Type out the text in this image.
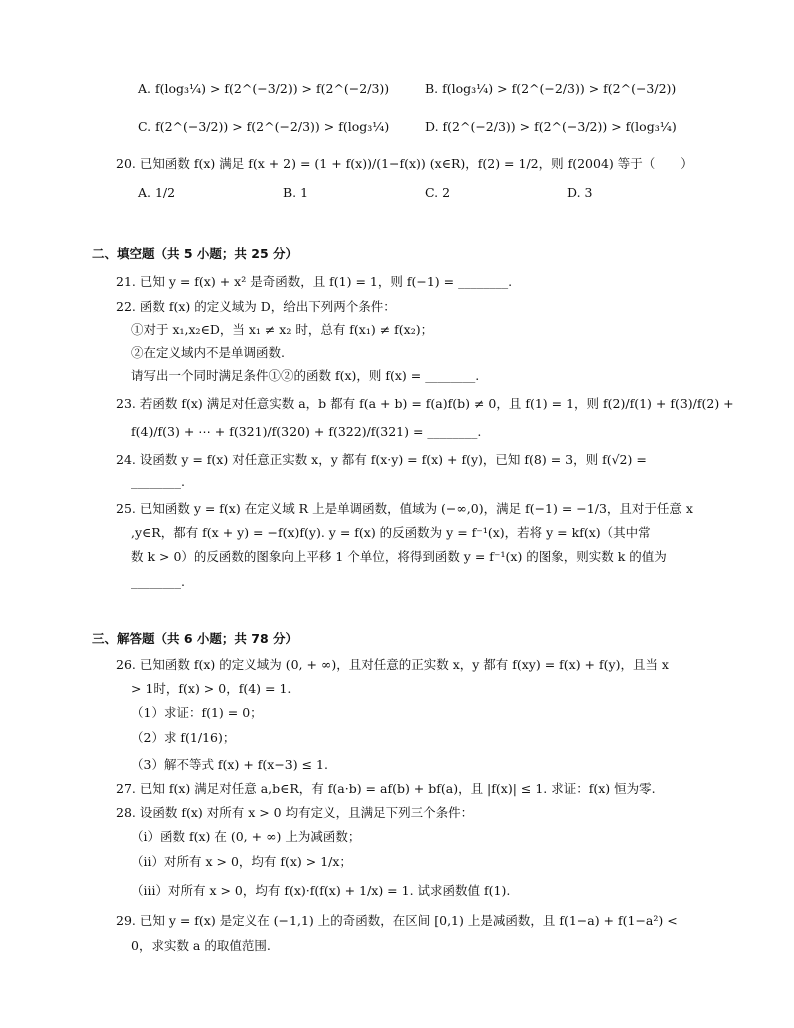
A. f(log₃¼) > f(2^(−3/2)) > f(2^(−2/3))	B. f(log₃¼) > f(2^(−2/3)) > f(2^(−3/2))
C. f(2^(−3/2)) > f(2^(−2/3)) > f(log₃¼)	D. f(2^(−2/3)) > f(2^(−3/2)) > f(log₃¼)
20. 已知函数 f(x) 满足 f(x + 2) = (1 + f(x))/(1−f(x)) (x∈R)，f(2) = 1/2，则 f(2004) 等于（　　）
A. 1/2	B. 1	C. 2	D. 3
二、填空题（共 5 小题；共 25 分）
21. 已知 y = f(x) + x² 是奇函数，且 f(1) = 1，则 f(−1) = ________.
22. 函数 f(x) 的定义域为 D，给出下列两个条件：
①对于 x₁,x₂∈D，当 x₁ ≠ x₂ 时，总有 f(x₁) ≠ f(x₂)；
②在定义域内不是单调函数.
请写出一个同时满足条件①②的函数 f(x)，则 f(x) = ________.
23. 若函数 f(x) 满足对任意实数 a，b 都有 f(a + b) = f(a)f(b) ≠ 0，且 f(1) = 1，则 f(2)/f(1) + f(3)/f(2) +
f(4)/f(3) + ⋯ + f(321)/f(320) + f(322)/f(321) = ________.
24. 设函数 y = f(x) 对任意正实数 x，y 都有 f(x·y) = f(x) + f(y)，已知 f(8) = 3，则 f(√2) =
________.
25. 已知函数 y = f(x) 在定义域 R 上是单调函数，值域为 (−∞,0)，满足 f(−1) = −1/3，且对于任意 x
,y∈R，都有 f(x + y) = −f(x)f(y). y = f(x) 的反函数为 y = f⁻¹(x)，若将 y = kf(x)（其中常
数 k > 0）的反函数的图象向上平移 1 个单位，将得到函数 y = f⁻¹(x) 的图象，则实数 k 的值为
________.
三、解答题（共 6 小题；共 78 分）
26. 已知函数 f(x) 的定义域为 (0, + ∞)，且对任意的正实数 x，y 都有 f(xy) = f(x) + f(y)，且当 x
> 1时，f(x) > 0，f(4) = 1.
（1）求证：f(1) = 0；
（2）求 f(1/16)；
（3）解不等式 f(x) + f(x−3) ≤ 1.
27. 已知 f(x) 满足对任意 a,b∈R，有 f(a·b) = af(b) + bf(a)，且 |f(x)| ≤ 1. 求证：f(x) 恒为零.
28. 设函数 f(x) 对所有 x > 0 均有定义，且满足下列三个条件：
（ⅰ）函数 f(x) 在 (0, + ∞) 上为减函数；
（ⅱ）对所有 x > 0，均有 f(x) > 1/x；
（ⅲ）对所有 x > 0，均有 f(x)·f(f(x) + 1/x) = 1. 试求函数值 f(1).
29. 已知 y = f(x) 是定义在 (−1,1) 上的奇函数，在区间 [0,1) 上是减函数，且 f(1−a) + f(1−a²) <
0，求实数 a 的取值范围.
